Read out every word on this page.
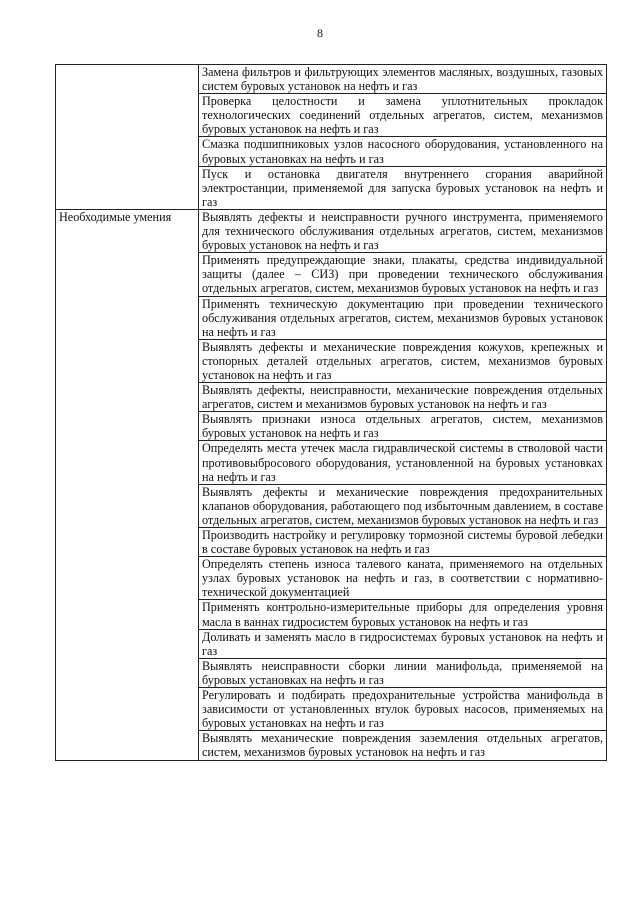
8
	Замена фильтров и фильтрующих элементов масляных, воздушных, газовых систем буровых установок на нефть и газ
	Проверка целостности и замена уплотнительных прокладок технологических соединений отдельных агрегатов, систем, механизмов буровых установок на нефть и газ
	Смазка подшипниковых узлов насосного оборудования, установленного на буровых установках на нефть и газ
	Пуск и остановка двигателя внутреннего сгорания аварийной электростанции, применяемой для запуска буровых установок на нефть и газ
Необходимые умения	Выявлять дефекты и неисправности ручного инструмента, применяемого для технического обслуживания отдельных агрегатов, систем, механизмов буровых установок на нефть и газ
	Применять предупреждающие знаки, плакаты, средства индивидуальной защиты (далее – СИЗ) при проведении технического обслуживания отдельных агрегатов, систем, механизмов буровых установок на нефть и газ
	Применять техническую документацию при проведении технического обслуживания отдельных агрегатов, систем, механизмов буровых установок на нефть и газ
	Выявлять дефекты и механические повреждения кожухов, крепежных и стопорных деталей отдельных агрегатов, систем, механизмов буровых установок на нефть и газ
	Выявлять дефекты, неисправности, механические повреждения отдельных агрегатов, систем и механизмов буровых установок на нефть и газ
	Выявлять признаки износа отдельных агрегатов, систем, механизмов буровых установок на нефть и газ
	Определять места утечек масла гидравлической системы в стволовой части противовыбросового оборудования, установленной на буровых установках на нефть и газ
	Выявлять дефекты и механические повреждения предохранительных клапанов оборудования, работающего под избыточным давлением, в составе отдельных агрегатов, систем, механизмов буровых установок на нефть и газ
	Производить настройку и регулировку тормозной системы буровой лебедки в составе буровых установок на нефть и газ
	Определять степень износа талевого каната, применяемого на отдельных узлах буровых установок на нефть и газ, в соответствии с нормативно-технической документацией
	Применять контрольно-измерительные приборы для определения уровня масла в ваннах гидросистем буровых установок на нефть и газ
	Доливать и заменять масло в гидросистемах буровых установок на нефть и газ
	Выявлять неисправности сборки линии манифольда, применяемой на буровых установках на нефть и газ
	Регулировать и подбирать предохранительные устройства манифольда в зависимости от установленных втулок буровых насосов, применяемых на буровых установках на нефть и газ
	Выявлять механические повреждения заземления отдельных агрегатов, систем, механизмов буровых установок на нефть и газ
